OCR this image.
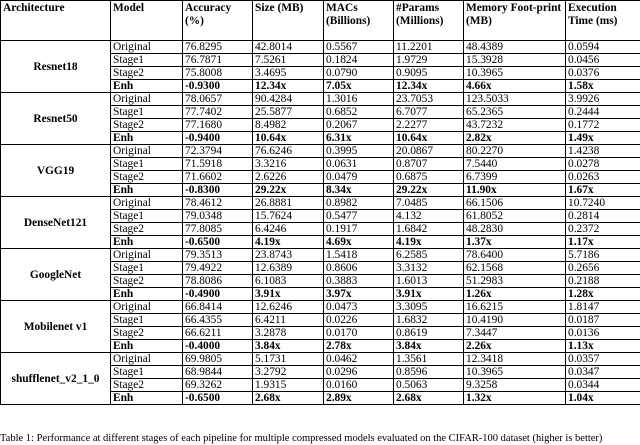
Architecture	Model	Accuracy (%)	Size (MB)	MACs (Billions)	#Params (Millions)	Memory Foot-print (MB)	Execution Time (ms)
Resnet18	Original	76.8295	42.8014	0.5567	11.2201	48.4389	0.0594
	Stage1	76.7871	7.5261	0.1824	1.9729	15.3928	0.0456
	Stage2	75.8008	3.4695	0.0790	0.9095	10.3965	0.0376
	Enh	-0.9300	12.34x	7.05x	12.34x	4.66x	1.58x
Resnet50	Original	78.0657	90.4284	1.3016	23.7053	123.5033	3.9926
	Stage1	77.7402	25.5877	0.6852	6.7077	65.2365	0.2444
	Stage2	77.1680	8.4982	0.2067	2.2277	43.7232	0.1772
	Enh	-0.9400	10.64x	6.31x	10.64x	2.82x	1.49x
VGG19	Original	72.3794	76.6246	0.3995	20.0867	80.2270	1.4238
	Stage1	71.5918	3.3216	0.0631	0.8707	7.5440	0.0278
	Stage2	71.6602	2.6226	0.0479	0.6875	6.7399	0.0263
	Enh	-0.8300	29.22x	8.34x	29.22x	11.90x	1.67x
DenseNet121	Original	78.4612	26.8881	0.8982	7.0485	66.1506	10.7240
	Stage1	79.0348	15.7624	0.5477	4.132	61.8052	0.2814
	Stage2	77.8085	6.4246	0.1917	1.6842	48.2830	0.2372
	Enh	-0.6500	4.19x	4.69x	4.19x	1.37x	1.17x
GoogleNet	Original	79.3513	23.8743	1.5418	6.2585	78.6400	5.7186
	Stage1	79.4922	12.6389	0.8606	3.3132	62.1568	0.2656
	Stage2	78.8086	6.1083	0.3883	1.6013	51.2983	0.2188
	Enh	-0.4900	3.91x	3.97x	3.91x	1.26x	1.28x
Mobilenet v1	Original	66.8414	12.6246	0.0473	3.3095	16.6215	1.8147
	Stage1	66.4355	6.4211	0.0226	1.6832	10.4190	0.0187
	Stage2	66.6211	3.2878	0.0170	0.8619	7.3447	0.0136
	Enh	-0.4000	3.84x	2.78x	3.84x	2.26x	1.13x
shufflenet_v2_1_0	Original	69.9805	5.1731	0.0462	1.3561	12.3418	0.0357
	Stage1	68.9844	3.2792	0.0296	0.8596	10.3965	0.0347
	Stage2	69.3262	1.9315	0.0160	0.5063	9.3258	0.0344
	Enh	-0.6500	2.68x	2.89x	2.68x	1.32x	1.04x
Table 1: Performance at different stages of each pipeline for multiple compressed models evaluated on the CIFAR-100 dataset (higher is better)
